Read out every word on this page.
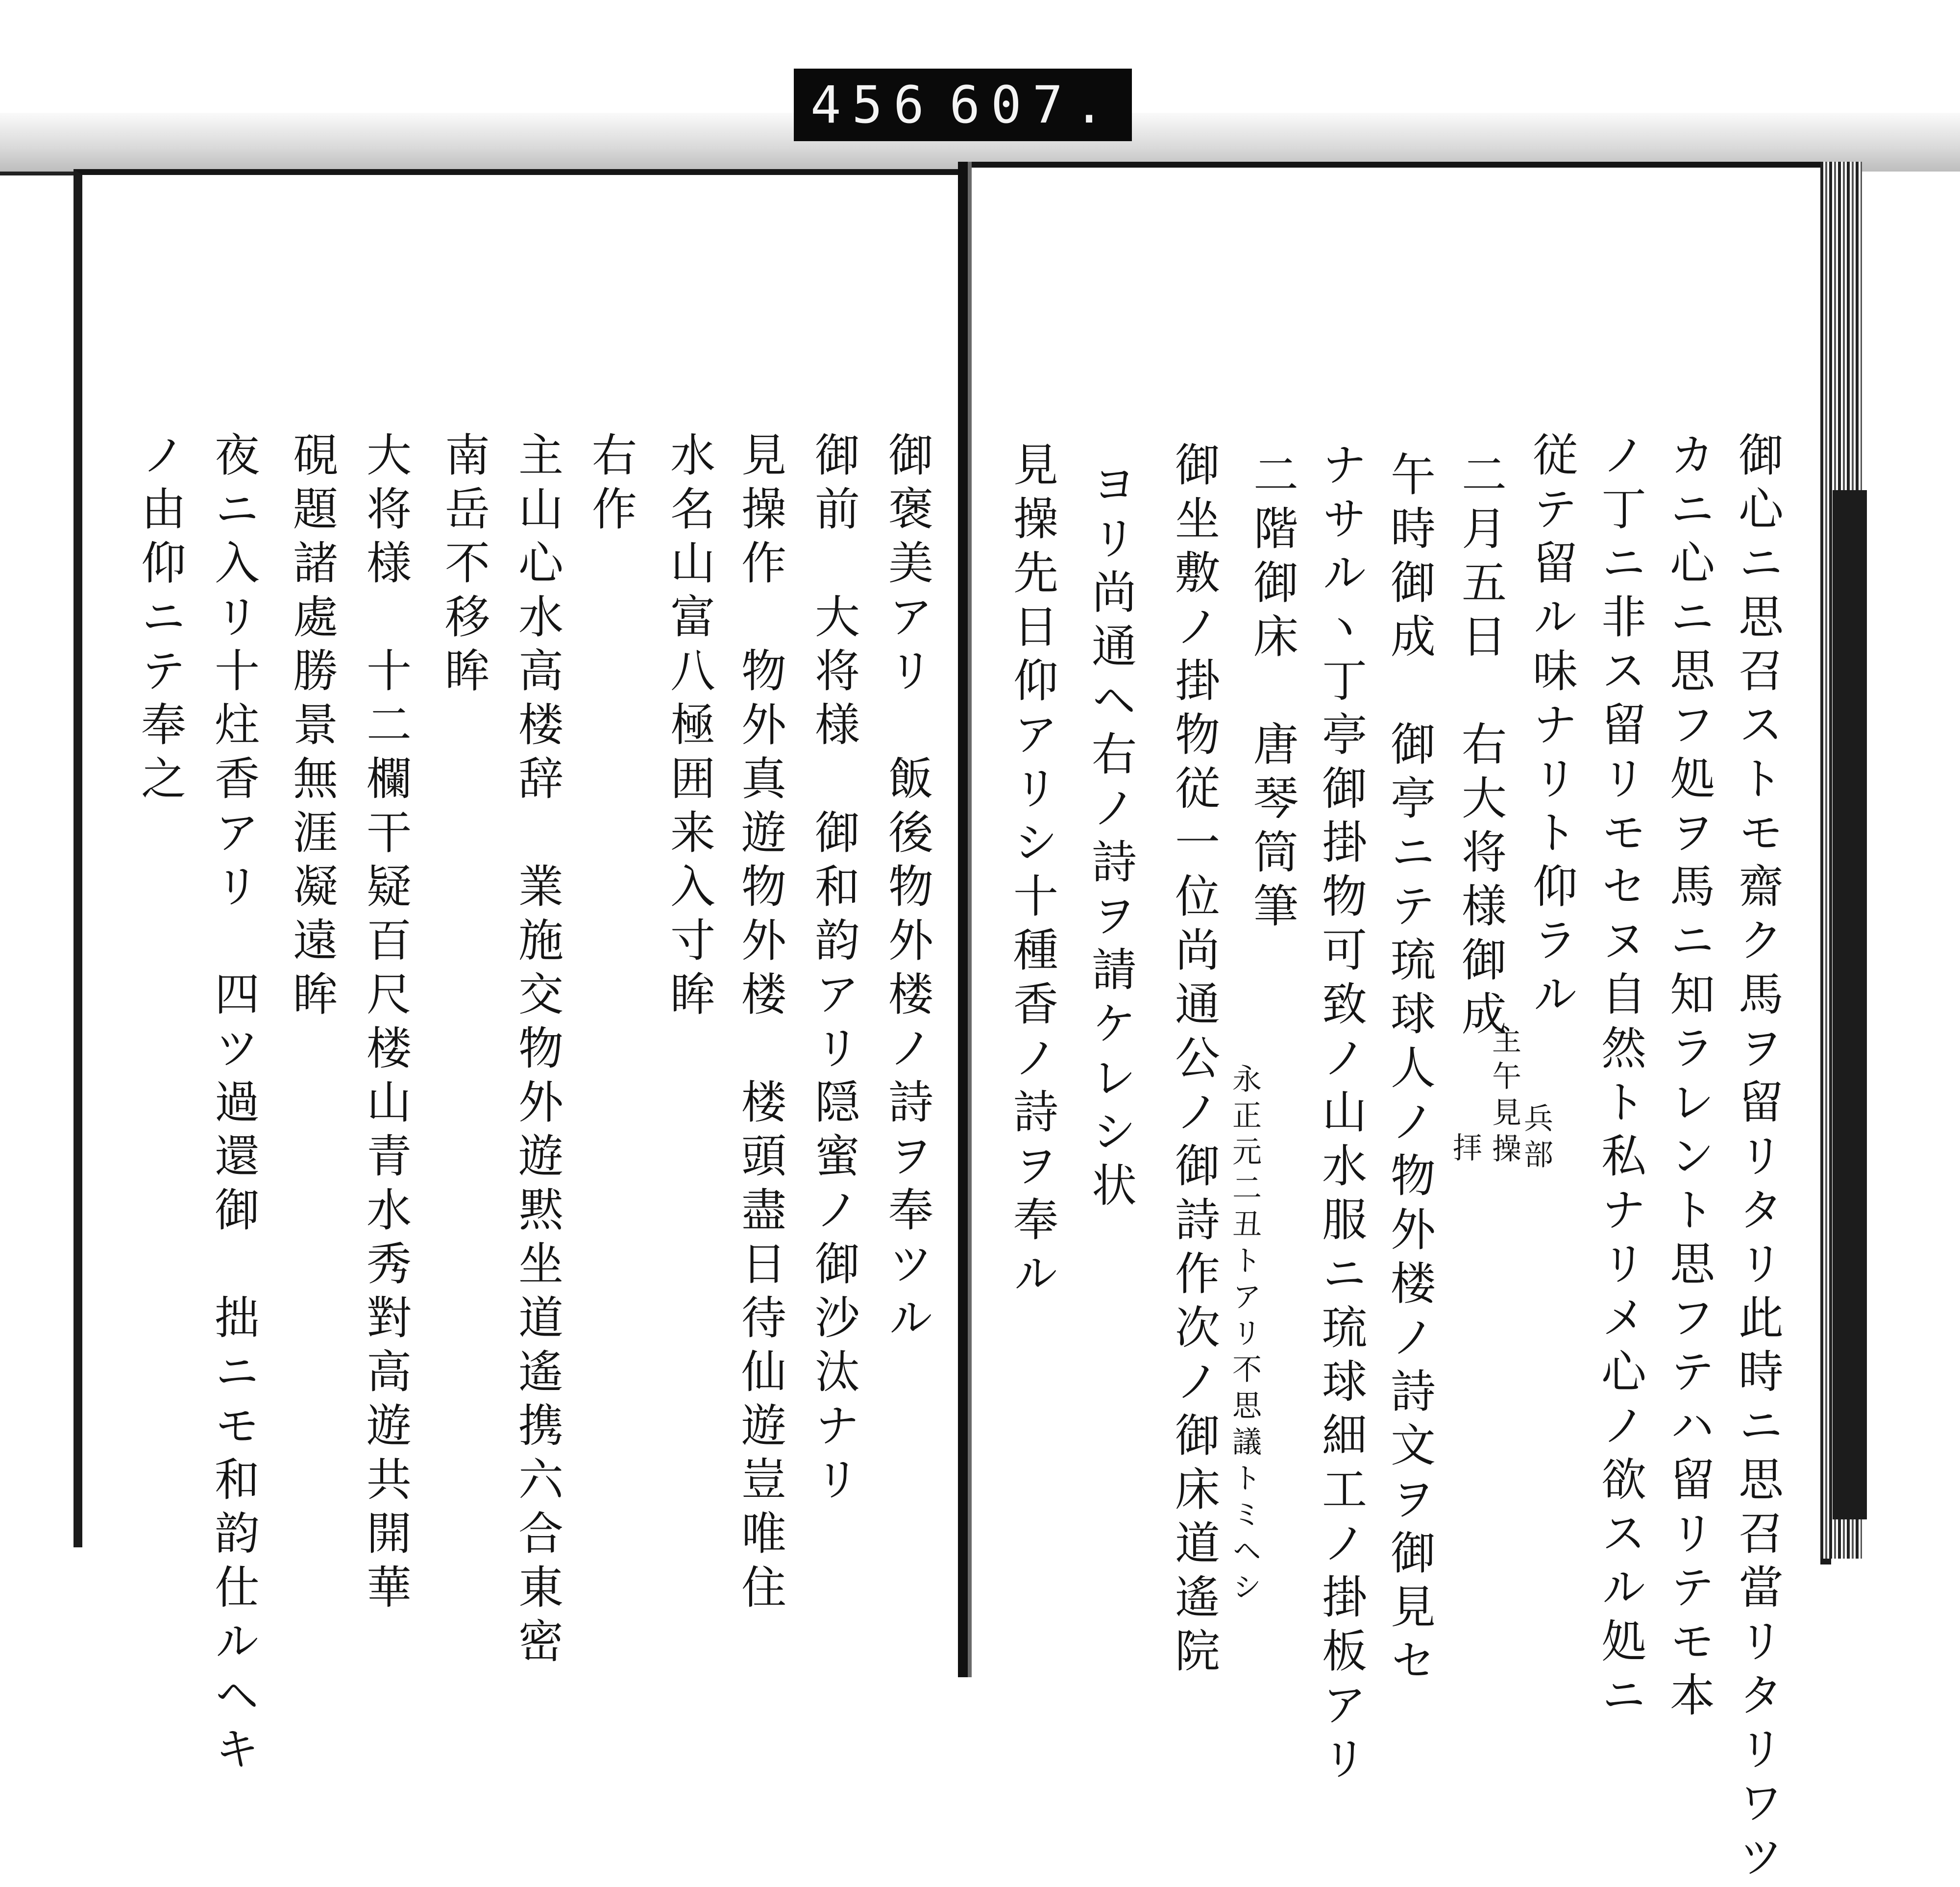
456 607.
御心ニ思召ストモ齋ク馬ヲ留リタリ此時ニ思召當リタリワツ
カニ心ニ思フ処ヲ馬ニ知ラレント思フテハ留リテモ本
ノ丁ニ非ス留リモセヌ自然ト私ナリメ心ノ欲スル処ニ
従テ留ル味ナリト仰ラル
二月五日　右大将様御成
午時御成　御亭ニテ琉球人ノ物外楼ノ詩文ヲ御見セ
ナサルヽ丁亭御掛物可致ノ山水服ニ琉球細工ノ掛板アリ
二階御床　唐琴筒筆
御坐敷ノ掛物従一位尚通公ノ御詩作次ノ御床道遙院
ヨリ尚通ヘ右ノ詩ヲ請ケレシ状
見操先日仰アリシ十種香ノ詩ヲ奉ル	主午見操
兵部
拝
永正元二丑トアリ不思議トミヘシ
御褒美アリ　飯後物外楼ノ詩ヲ奉ツル
御前　大将様　御和韵アリ隠蜜ノ御沙汰ナリ
見操作　物外真遊物外楼　楼頭盡日待仙遊豈唯住
水名山富八極囲来入寸眸
右作
主山心水高楼辞　業施交物外遊黙坐道遙携六合東密
南岳不移眸
大将様　十二欄干疑百尺楼山青水秀對高遊共開華
硯題諸處勝景無涯凝遠眸
夜ニ入リ十炷香アリ　四ツ過還御　拙ニモ和韵仕ルヘキ
ノ由仰ニテ奉之
